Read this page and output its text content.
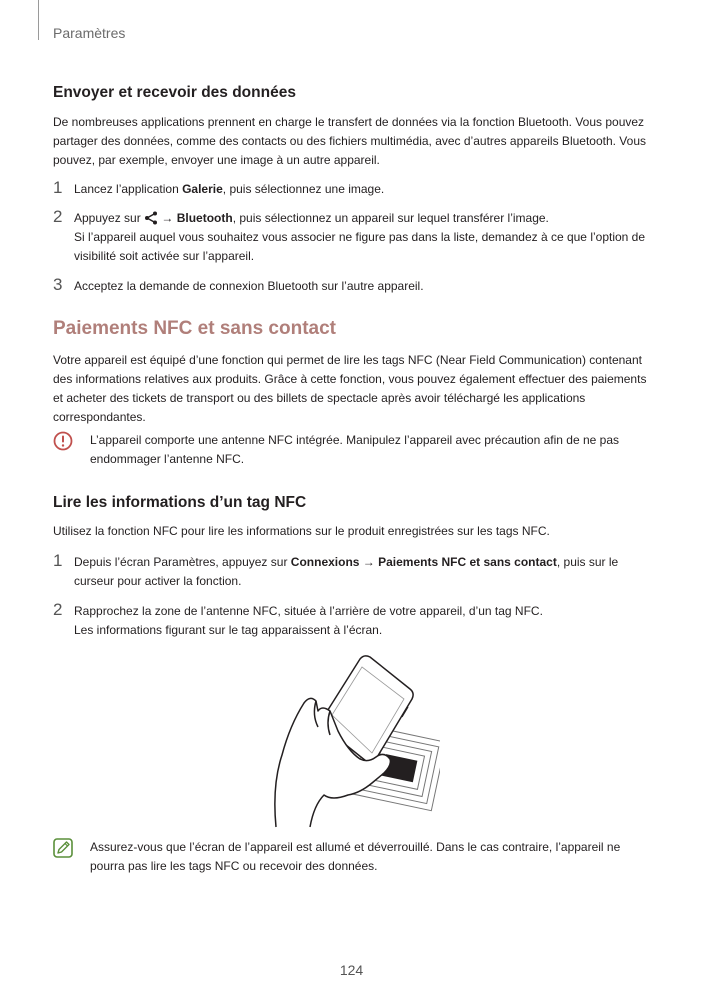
Paramètres
Envoyer et recevoir des données
De nombreuses applications prennent en charge le transfert de données via la fonction Bluetooth. Vous pouvez partager des données, comme des contacts ou des fichiers multimédia, avec d’autres appareils Bluetooth. Vous pouvez, par exemple, envoyer une image à un autre appareil.
1 Lancez l’application Galerie, puis sélectionnez une image.
2 Appuyez sur  → Bluetooth, puis sélectionnez un appareil sur lequel transférer l’image.
Si l’appareil auquel vous souhaitez vous associer ne figure pas dans la liste, demandez à ce que l’option de visibilité soit activée sur l’appareil.
3 Acceptez la demande de connexion Bluetooth sur l’autre appareil.
Paiements NFC et sans contact
Votre appareil est équipé d’une fonction qui permet de lire les tags NFC (Near Field Communication) contenant des informations relatives aux produits. Grâce à cette fonction, vous pouvez également effectuer des paiements et acheter des tickets de transport ou des billets de spectacle après avoir téléchargé les applications correspondantes.
L’appareil comporte une antenne NFC intégrée. Manipulez l’appareil avec précaution afin de ne pas endommager l’antenne NFC.
Lire les informations d’un tag NFC
Utilisez la fonction NFC pour lire les informations sur le produit enregistrées sur les tags NFC.
1 Depuis l’écran Paramètres, appuyez sur Connexions → Paiements NFC et sans contact, puis sur le curseur pour activer la fonction.
2 Rapprochez la zone de l’antenne NFC, située à l’arrière de votre appareil, d’un tag NFC.
Les informations figurant sur le tag apparaissent à l’écran.
Assurez-vous que l’écran de l’appareil est allumé et déverrouillé. Dans le cas contraire, l’appareil ne pourra pas lire les tags NFC ou recevoir des données.
124
